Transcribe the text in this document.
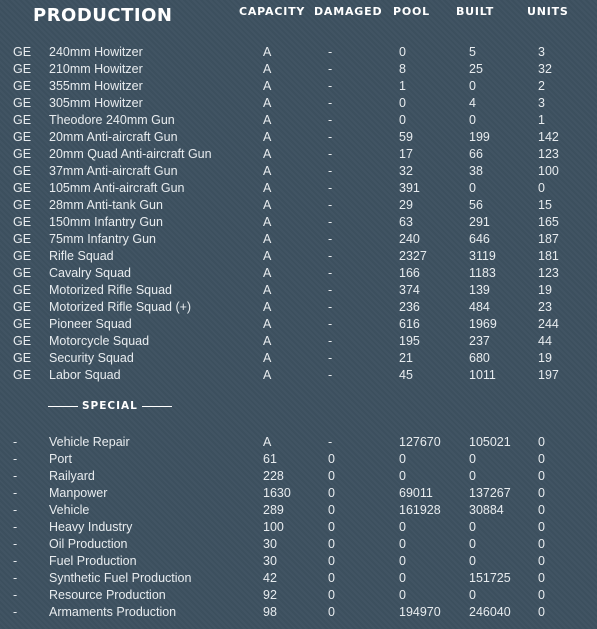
PRODUCTION	CAPACITY DAMAGED POOL BUILT	UNITS
GE 240mm Howitzer	A	-	0	5	3
GE 210mm Howitzer	A	-	8	25	32
GE 355mm Howitzer	A	-	1	0	2
GE 305mm Howitzer	A	-	0	4	3
GE Theodore 240mm Gun	A	-	0	0	1
GE 20mm Anti-aircraft Gun	A	-	59	199	142
GE 20mm Quad Anti-aircraft Gun	A	-	17	66	123
GE 37mm Anti-aircraft Gun	A	-	32	38	100
GE 105mm Anti-aircraft Gun	A	-	391	0	0
GE 28mm Anti-tank Gun	A	-	29	56	15
GE 150mm Infantry Gun	A	-	63	291	165
GE 75mm Infantry Gun	A	-	240	646	187
GE Rifle Squad	A	-	2327	3119	181
GE Cavalry Squad	A	-	166	1183	123
GE Motorized Rifle Squad	A	-	374	139	19
GE Motorized Rifle Squad (+)	A	-	236	484	23
GE Pioneer Squad	A	-	616	1969	244
GE Motorcycle Squad	A	-	195	237	44
GE Security Squad	A	-	21	680	19
GE Labor Squad	A	-	45	1011	197
SPECIAL
-	Vehicle Repair	A	-	127670 105021 0
-	Port	61	0	0	0	0
-	Railyard	228	0	0	0	0
-	Manpower	1630	0	69011	137267 0
-	Vehicle	289	0	161928 30884	0
-	Heavy Industry	100	0	0	0	0
-	Oil Production	30	0	0	0	0
-	Fuel Production	30	0	0	0	0
-	Synthetic Fuel Production	42	0	0	151725 0
-	Resource Production	92	0	0	0	0
-	Armaments Production	98	0	194970 246040 0
